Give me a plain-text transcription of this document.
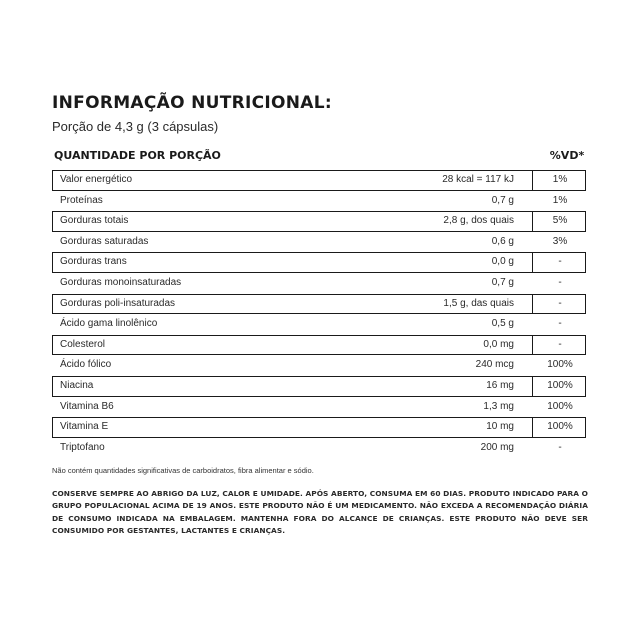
INFORMAÇÃO NUTRICIONAL:
Porção de 4,3 g (3 cápsulas)
QUANTIDADE POR PORÇÃO	%VD*
Valor energético	28 kcal = 117 kJ	1%
Proteínas	0,7 g	1%
Gorduras totais	2,8 g, dos quais	5%
Gorduras saturadas	0,6 g	3%
Gorduras trans	0,0 g	-
Gorduras monoinsaturadas	0,7 g	-
Gorduras poli-insaturadas	1,5 g, das quais	-
Ácido gama linolênico	0,5 g	-
Colesterol	0,0 mg	-
Ácido fólico	240 mcg	100%
Niacina	16 mg	100%
Vitamina B6	1,3 mg	100%
Vitamina E	10 mg	100%
Triptofano	200 mg	-
Não contém quantidades significativas de carboidratos, fibra alimentar e sódio.
CONSERVE SEMPRE AO ABRIGO DA LUZ, CALOR E UMIDADE. APÓS ABERTO, CONSUMA EM 60 DIAS. PRODUTO INDICADO PARA O GRUPO POPULACIONAL ACIMA DE 19 ANOS. ESTE PRODUTO NÃO É UM MEDICAMENTO. NÃO EXCEDA A RECOMENDAÇÃO DIÁRIA DE CONSUMO INDICADA NA EMBALAGEM. MANTENHA FORA DO ALCANCE DE CRIANÇAS. ESTE PRODUTO NÃO DEVE SER CONSUMIDO POR GESTANTES, LACTANTES E CRIANÇAS.
